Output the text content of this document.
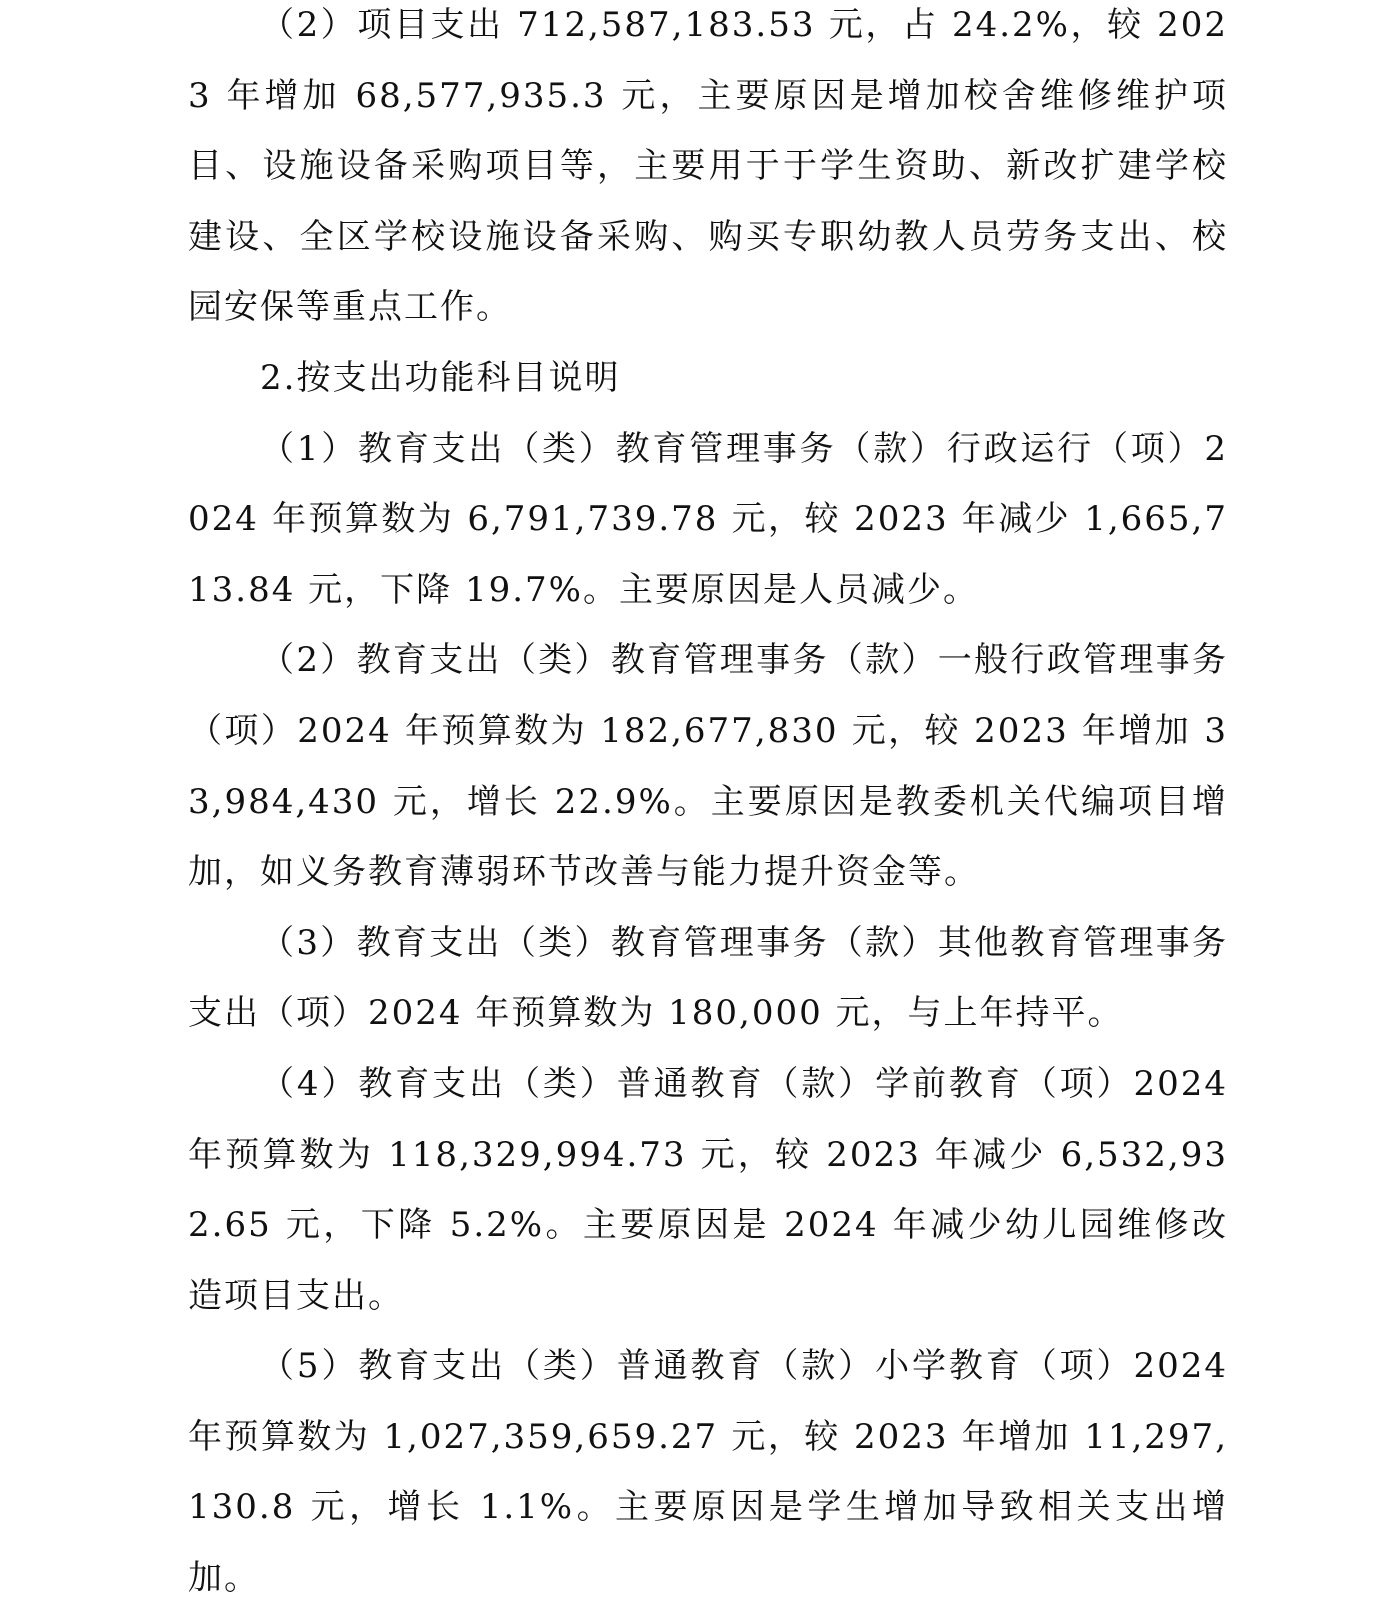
（2）项目支出 712,587,183.53 元，占 24.2%，较 2023 年增加 68,577,935.3 元，主要原因是增加校舍维修维护项目、设施设备采购项目等，主要用于于学生资助、新改扩建学校建设、全区学校设施设备采购、购买专职幼教人员劳务支出、校园安保等重点工作。

2.按支出功能科目说明

（1）教育支出（类）教育管理事务（款）行政运行（项）2024 年预算数为 6,791,739.78 元，较 2023 年减少 1,665,713.84 元，下降 19.7%。主要原因是人员减少。

（2）教育支出（类）教育管理事务（款）一般行政管理事务（项）2024 年预算数为 182,677,830 元，较 2023 年增加 33,984,430 元，增长 22.9%。主要原因是教委机关代编项目增加，如义务教育薄弱环节改善与能力提升资金等。

（3）教育支出（类）教育管理事务（款）其他教育管理事务支出（项）2024 年预算数为 180,000 元，与上年持平。

（4）教育支出（类）普通教育（款）学前教育（项）2024 年预算数为 118,329,994.73 元，较 2023 年减少 6,532,932.65 元，下降 5.2%。主要原因是 2024 年减少幼儿园维修改造项目支出。

（5）教育支出（类）普通教育（款）小学教育（项）2024 年预算数为 1,027,359,659.27 元，较 2023 年增加 11,297,130.8 元，增长 1.1%。主要原因是学生增加导致相关支出增加。
